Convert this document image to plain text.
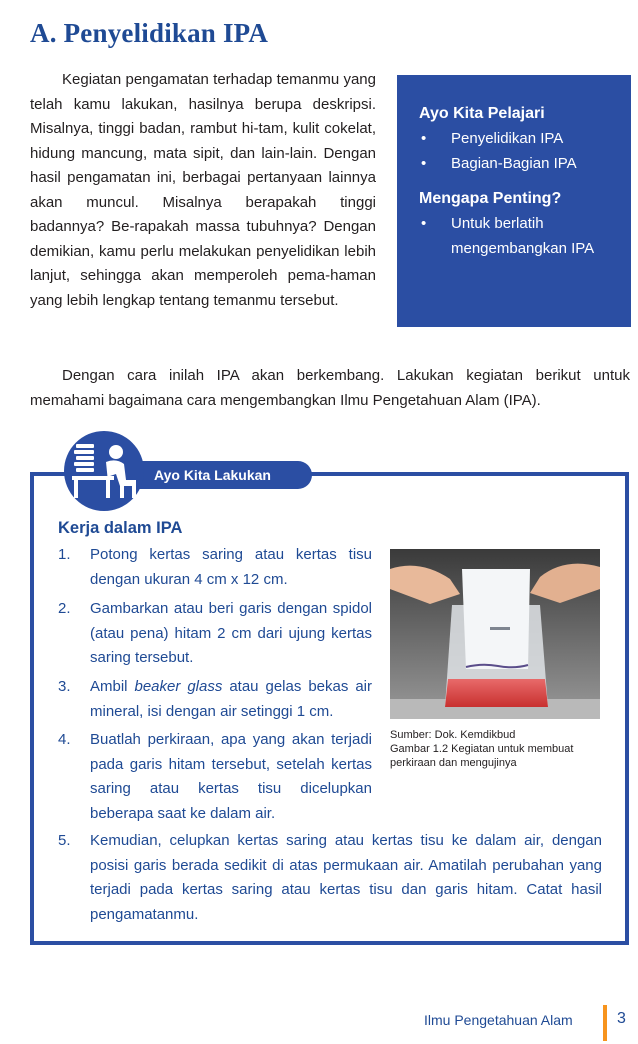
A. Penyelidikan IPA

Kegiatan pengamatan terhadap temanmu yang telah kamu lakukan, hasilnya berupa deskripsi. Misalnya, tinggi badan, rambut hi-tam, kulit cokelat, hidung mancung, mata sipit, dan lain-lain. Dengan hasil pengamatan ini, berbagai pertanyaan lainnya akan muncul. Misalnya berapakah tinggi badannya? Be-rapakah massa tubuhnya? Dengan demikian, kamu perlu melakukan penyelidikan lebih lanjut, sehingga akan memperoleh pema-haman yang lebih lengkap tentang temanmu tersebut.

Ayo Kita Pelajari
• Penyelidikan IPA
• Bagian-Bagian IPA
Mengapa Penting?
• Untuk berlatih mengembangkan IPA

Dengan cara inilah IPA akan berkembang. Lakukan kegiatan berikut untuk memahami bagaimana cara mengembangkan Ilmu Pengetahuan Alam (IPA).

Ayo Kita Lakukan
Kerja dalam IPA
1.	Potong kertas saring atau kertas tisu dengan ukuran 4 cm x 12 cm.
2.	Gambarkan atau beri garis dengan spidol (atau pena) hitam 2 cm dari ujung kertas saring tersebut.
3.	Ambil beaker glass atau gelas bekas air mineral, isi dengan air setinggi 1 cm.
4.	Buatlah perkiraan, apa yang akan terjadi pada garis hitam tersebut, setelah kertas saring atau kertas tisu dicelupkan beberapa saat ke dalam air.
5.	Kemudian, celupkan kertas saring atau kertas tisu ke dalam air, dengan posisi garis berada sedikit di atas permukaan air. Amatilah perubahan yang terjadi pada kertas saring atau kertas tisu dan garis hitam. Catat hasil pengamatanmu.
Sumber: Dok. Kemdikbud
Gambar 1.2 Kegiatan untuk membuat perkiraan dan mengujinya
Ilmu Pengetahuan Alam	3
